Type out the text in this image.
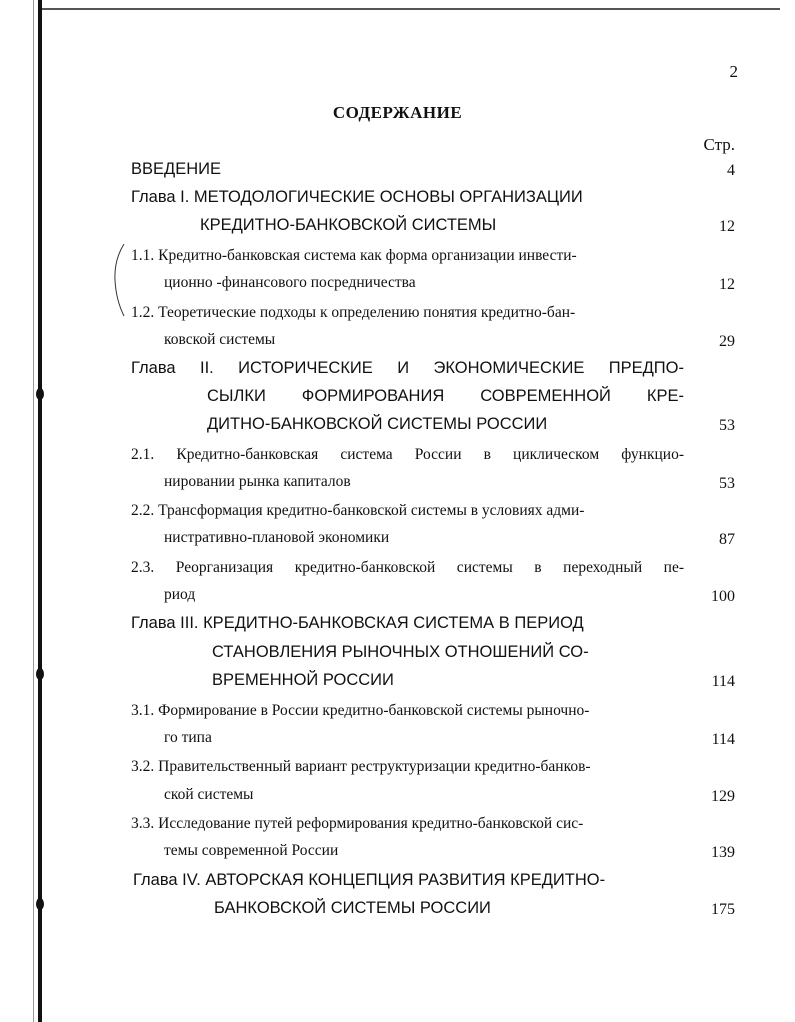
2
СОДЕРЖАНИЕ
Стр.
ВВЕДЕНИЕ	4
Глава I. МЕТОДОЛОГИЧЕСКИЕ ОСНОВЫ ОРГАНИЗАЦИИ
КРЕДИТНО-БАНКОВСКОЙ СИСТЕМЫ	12
1.1. Кредитно-банковская система как форма организации инвести-
ционно -финансового посредничества	12
1.2. Теоретические подходы к определению понятия кредитно-бан-
ковской системы	29
Глава II. ИСТОРИЧЕСКИЕ И ЭКОНОМИЧЕСКИЕ ПРЕДПО-
СЫЛКИ ФОРМИРОВАНИЯ СОВРЕМЕННОЙ КРЕ-
ДИТНО-БАНКОВСКОЙ СИСТЕМЫ РОССИИ	53
2.1. Кредитно-банковская система России в циклическом функцио-
нировании рынка капиталов	53
2.2. Трансформация кредитно-банковской системы в условиях адми-
нистративно-плановой экономики	87
2.3. Реорганизация кредитно-банковской системы в переходный пе-
риод	100
Глава III. КРЕДИТНО-БАНКОВСКАЯ СИСТЕМА В ПЕРИОД
СТАНОВЛЕНИЯ РЫНОЧНЫХ ОТНОШЕНИЙ СО-
ВРЕМЕННОЙ РОССИИ	114
3.1. Формирование в России кредитно-банковской системы рыночно-
го типа	114
3.2. Правительственный вариант реструктуризации кредитно-банков-
ской системы	129
3.3. Исследование путей реформирования кредитно-банковской сис-
темы современной России	139
Глава IV. АВТОРСКАЯ КОНЦЕПЦИЯ РАЗВИТИЯ КРЕДИТНО-
БАНКОВСКОЙ СИСТЕМЫ РОССИИ	175
